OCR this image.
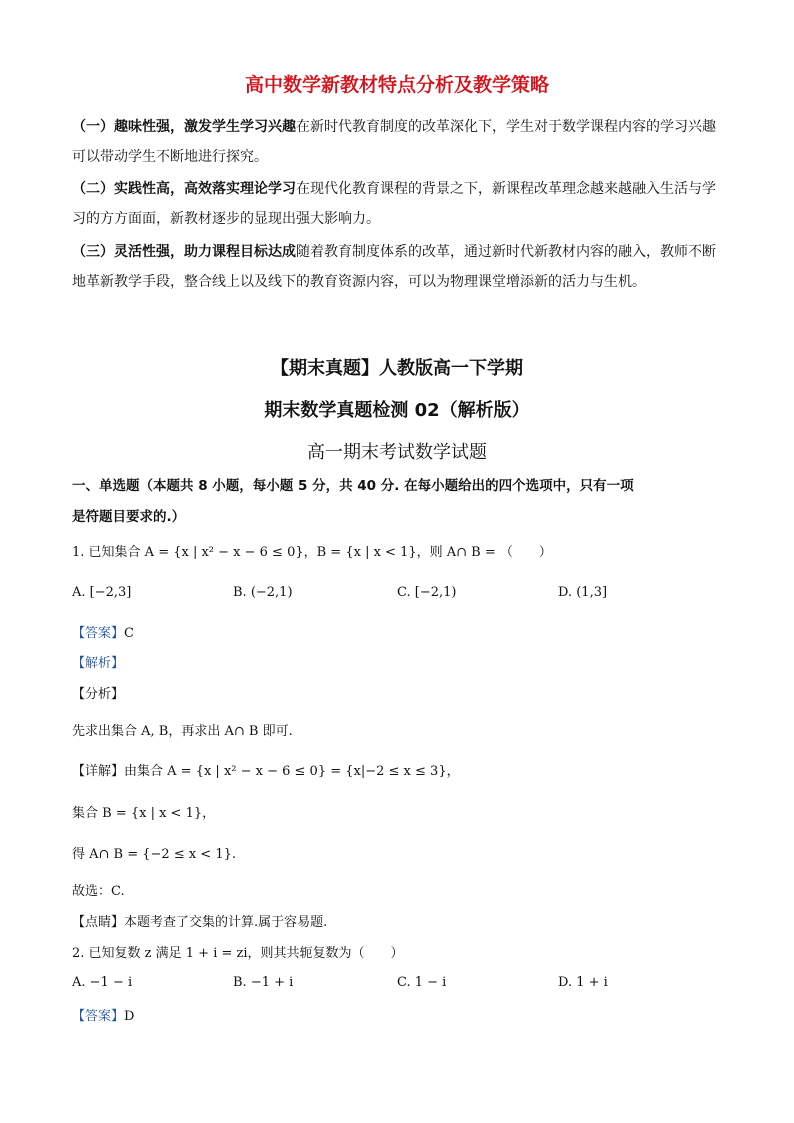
高中数学新教材特点分析及教学策略
（一）趣味性强，激发学生学习兴趣在新时代教育制度的改革深化下，学生对于数学课程内容的学习兴趣可以带动学生不断地进行探究。
（二）实践性高，高效落实理论学习在现代化教育课程的背景之下，新课程改革理念越来越融入生活与学习的方方面面，新教材逐步的显现出强大影响力。
（三）灵活性强，助力课程目标达成随着教育制度体系的改革，通过新时代新教材内容的融入，教师不断地革新教学手段，整合线上以及线下的教育资源内容，可以为物理课堂增添新的活力与生机。
【期末真题】人教版高一下学期
期末数学真题检测 02（解析版）
高一期末考试数学试题
一、单选题（本题共 8 小题，每小题 5 分，共 40 分. 在每小题给出的四个选项中，只有一项
是符题目要求的.）
1. 已知集合 A = {x | x² − x − 6 ≤ 0}，B = {x | x < 1}，则 A∩ B = （　　）
A. [−2,3]	B. (−2,1)	C. [−2,1)	D. (1,3]
【答案】C
【解析】
【分析】
先求出集合 A, B，再求出 A∩ B 即可.
【详解】由集合 A = {x | x² − x − 6 ≤ 0} = {x|−2 ≤ x ≤ 3}，
集合 B = {x | x < 1}，
得 A∩ B = {−2 ≤ x < 1}.
故选：C.
【点睛】本题考查了交集的计算.属于容易题.
2. 已知复数 z 满足 1 + i = zi，则其共轭复数为（　　）
A. −1 − i	B. −1 + i	C. 1 − i	D. 1 + i
【答案】D
